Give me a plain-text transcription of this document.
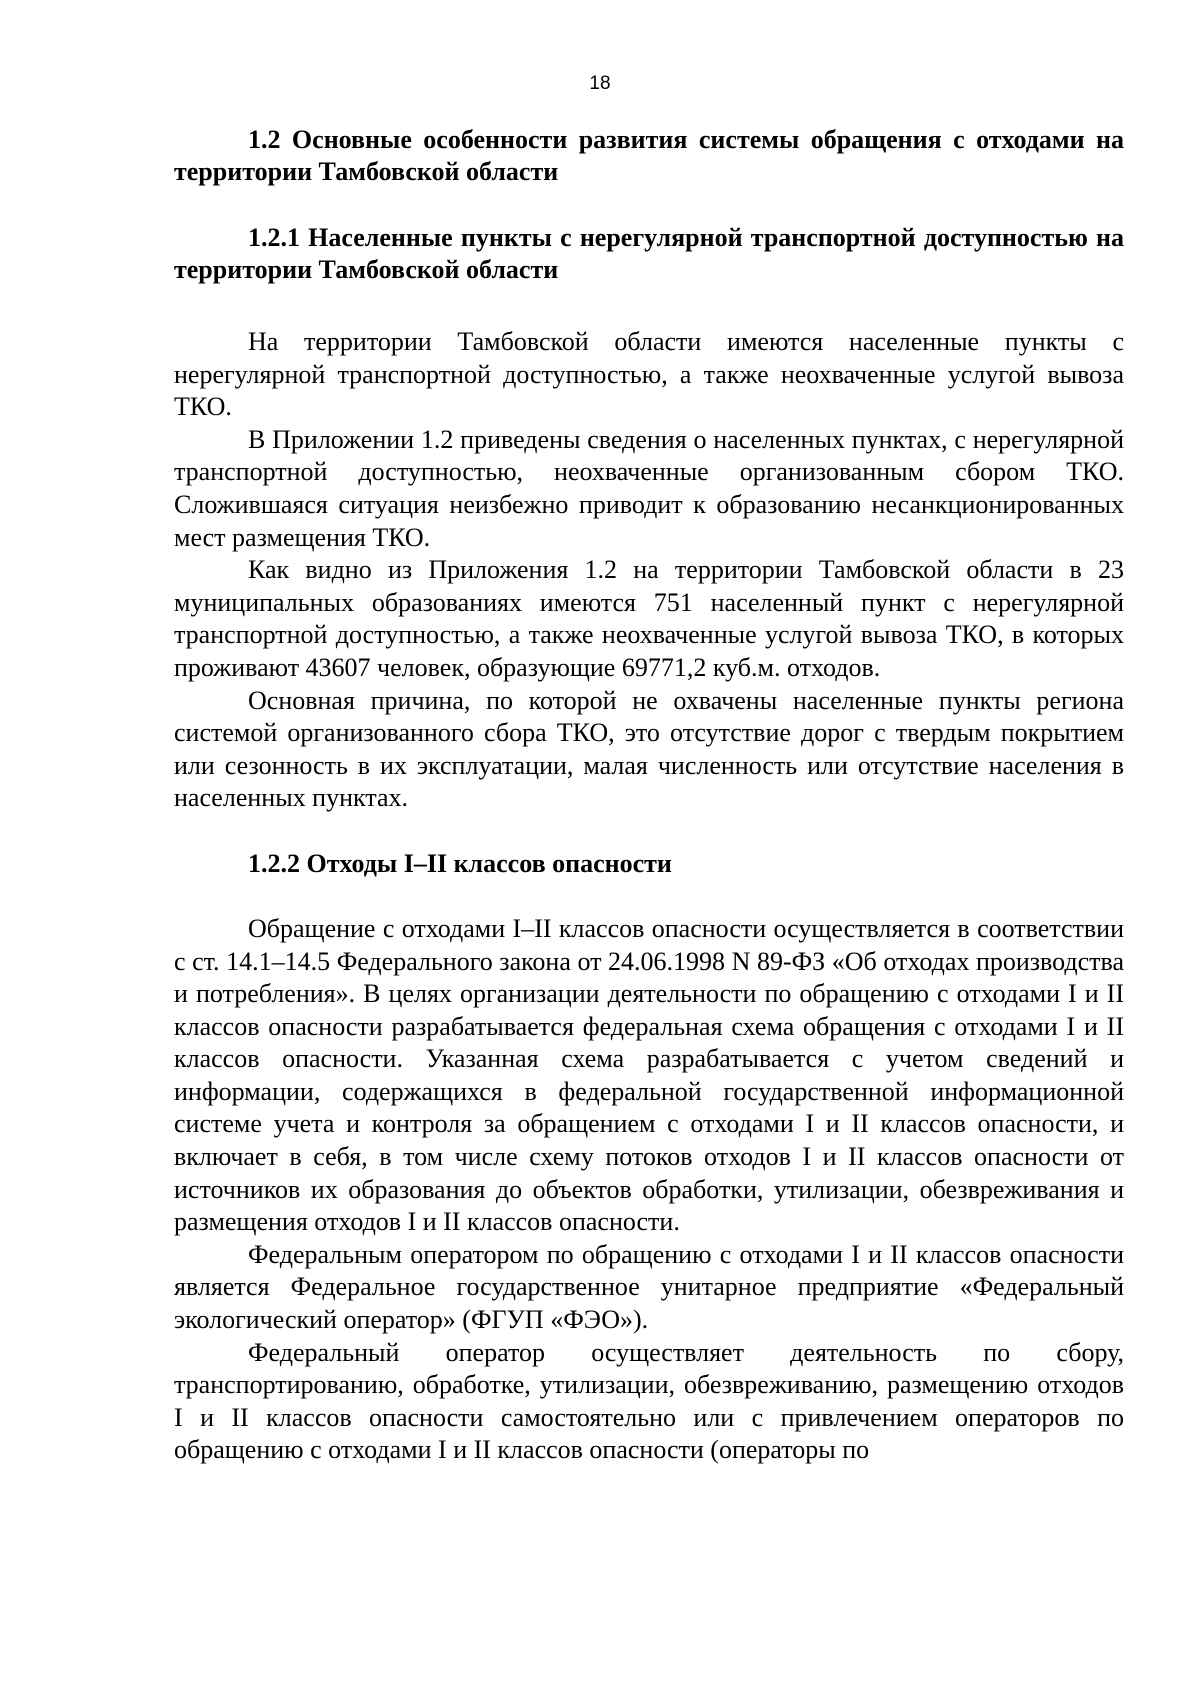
18
1.2 Основные особенности развития системы обращения с отходами на территории Тамбовской области
1.2.1 Населенные пункты с нерегулярной транспортной доступностью на территории Тамбовской области

На территории Тамбовской области имеются населенные пункты с нерегулярной транспортной доступностью, а также неохваченные услугой вывоза ТКО.

В Приложении 1.2 приведены сведения о населенных пунктах, с нерегулярной транспортной доступностью, неохваченные организованным сбором ТКО. Сложившаяся ситуация неизбежно приводит к образованию несанкционированных мест размещения ТКО.

Как видно из Приложения 1.2 на территории Тамбовской области в 23 муниципальных образованиях имеются 751 населенный пункт с нерегулярной транспортной доступностью, а также неохваченные услугой вывоза ТКО, в которых проживают 43607 человек, образующие 69771,2 куб.м. отходов.

Основная причина, по которой не охвачены населенные пункты региона системой организованного сбора ТКО, это отсутствие дорог с твердым покрытием или сезонность в их эксплуатации, малая численность или отсутствие населения в населенных пунктах.

1.2.2 Отходы I–II классов опасности

Обращение с отходами I–II классов опасности осуществляется в соответствии с ст. 14.1–14.5 Федерального закона от 24.06.1998 N 89-ФЗ «Об отходах производства и потребления». В целях организации деятельности по обращению с отходами I и II классов опасности разрабатывается федеральная схема обращения с отходами I и II классов опасности. Указанная схема разрабатывается с учетом сведений и информации, содержащихся в федеральной государственной информационной системе учета и контроля за обращением с отходами I и II классов опасности, и включает в себя, в том числе схему потоков отходов I и II классов опасности от источников их образования до объектов обработки, утилизации, обезвреживания и размещения отходов I и II классов опасности.

Федеральным оператором по обращению с отходами I и II классов опасности является Федеральное государственное унитарное предприятие «Федеральный экологический оператор» (ФГУП «ФЭО»).

Федеральный оператор осуществляет деятельность по сбору, транспортированию, обработке, утилизации, обезвреживанию, размещению отходов I и II классов опасности самостоятельно или с привлечением операторов по обращению с отходами I и II классов опасности (операторы по
